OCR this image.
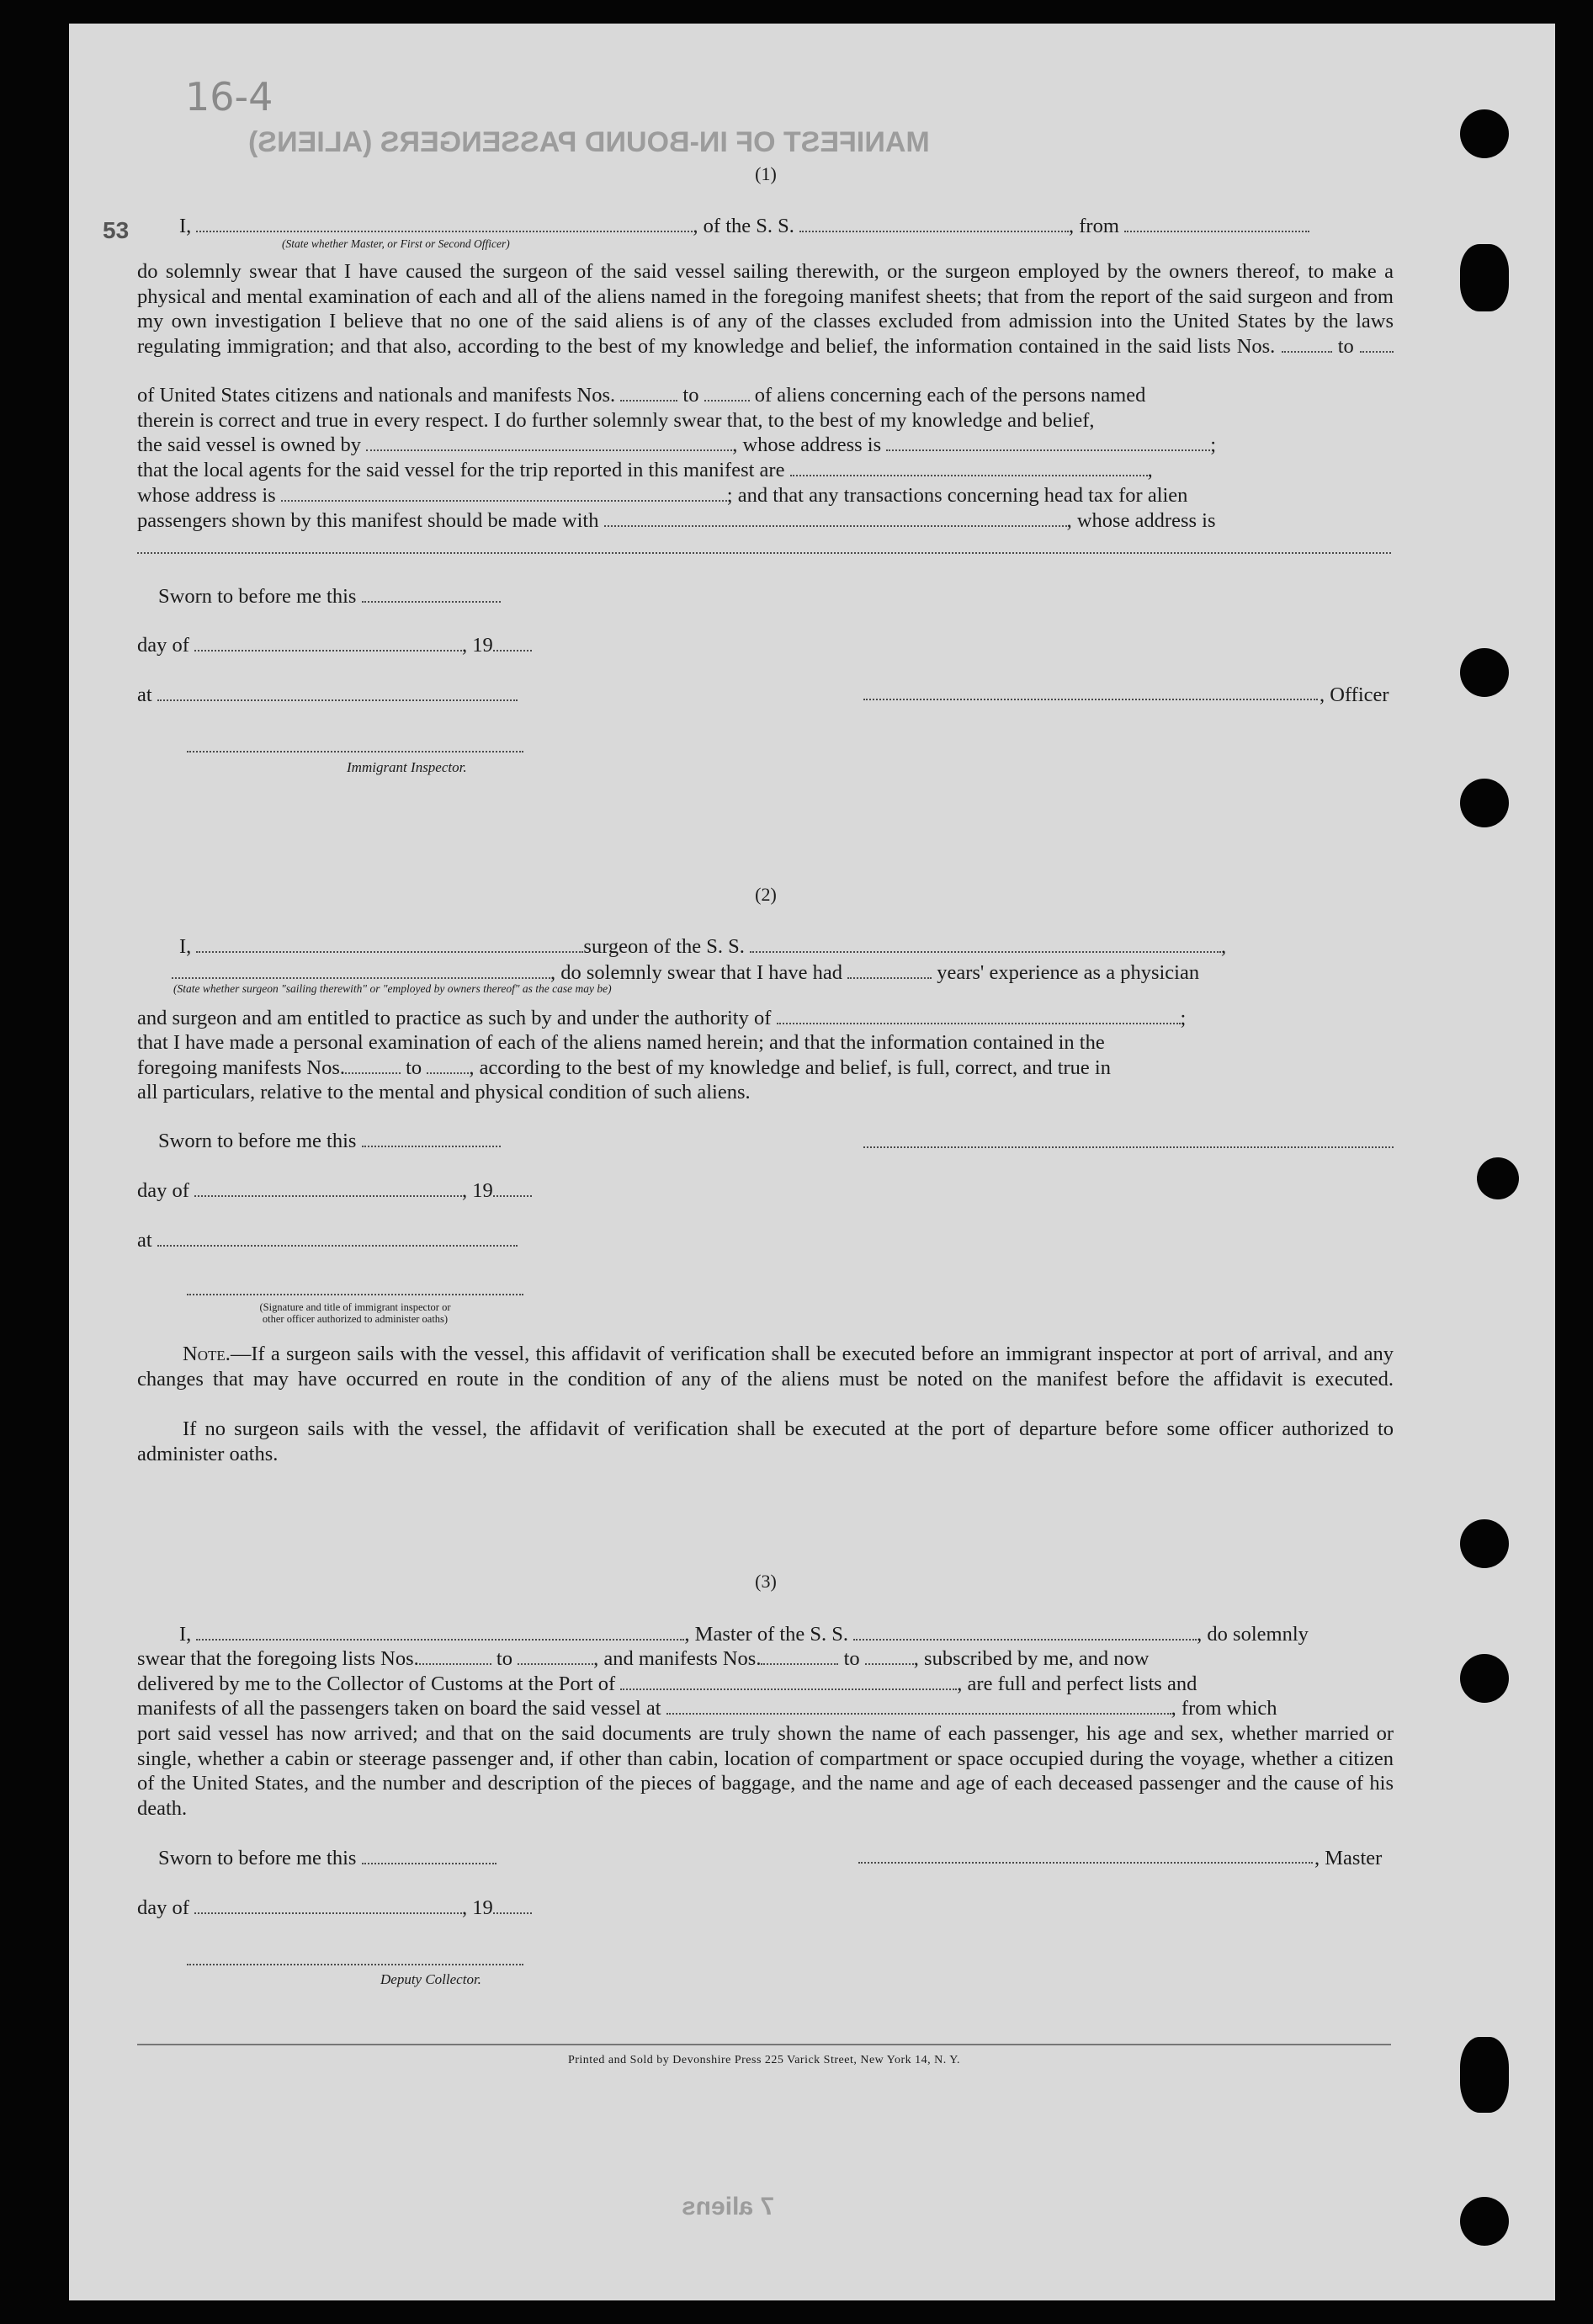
MANIFEST OF IN-BOUND PASSENGERS (ALIENS)
16-4
53
7 aliens
(1)
I,	, of the S. S.	, from
(State whether Master, or First or Second Officer)

do solemnly swear that I have caused the surgeon of the said vessel sailing therewith, or the surgeon employed by the owners thereof, to make a physical and mental examination of each and all of the aliens named in the foregoing manifest sheets; that from the report of the said surgeon and from my own investigation I believe that no one of the said aliens is of any of the classes excluded from admission into the United States by the laws regulating immigration; and that also, according to the best of my knowledge and belief, the information contained in the said lists Nos.	to

of United States citizens and nationals and manifests Nos.	to	of aliens concerning each of the persons named
therein is correct and true in every respect. I do further solemnly swear that, to the best of my knowledge and belief,
the said vessel is owned by	, whose address is	;
that the local agents for the said vessel for the trip reported in this manifest are	,
whose address is	; and that any transactions concerning head tax for alien
passengers shown by this manifest should be made with	, whose address is
Sworn to before me this
day of	, 19
at	, Officer
Immigrant Inspector.
(2)
I,	surgeon of the S. S.	,
, do solemnly swear that I have had	years' experience as a physician
(State whether surgeon "sailing therewith" or "employed by owners thereof" as the case may be)
and surgeon and am entitled to practice as such by and under the authority of	;
that I have made a personal examination of each of the aliens named herein; and that the information contained in the
foregoing manifests Nos.	to , according to the best of my knowledge and belief, is full, correct, and true in
all particulars, relative to the mental and physical condition of such aliens.
Sworn to before me this
day of	, 19
at
(Signature and title of immigrant inspector or
other officer authorized to administer oaths)

Note.—If a surgeon sails with the vessel, this affidavit of verification shall be executed before an immigrant inspector at port of arrival, and any changes that may have occurred en route in the condition of any of the aliens must be noted on the manifest before the affidavit is executed.

If no surgeon sails with the vessel, the affidavit of verification shall be executed at the port of departure before some officer authorized to administer oaths.

(3)
I,	, Master of the S. S.	, do solemnly
swear that the foregoing lists Nos.	to	, and manifests Nos.	to	, subscribed by me, and now
delivered by me to the Collector of Customs at the Port of	, are full and perfect lists and
manifests of all the passengers taken on board the said vessel at	, from which

port said vessel has now arrived; and that on the said documents are truly shown the name of each passenger, his age and sex, whether married or single, whether a cabin or steerage passenger and, if other than cabin, location of compartment or space occupied during the voyage, whether a citizen of the United States, and the number and description of the pieces of baggage, and the name and age of each deceased passenger and the cause of his death.

Sworn to before me this	, Master
day of	, 19
Deputy Collector.
Printed and Sold by Devonshire Press 225 Varick Street, New York 14, N. Y.
